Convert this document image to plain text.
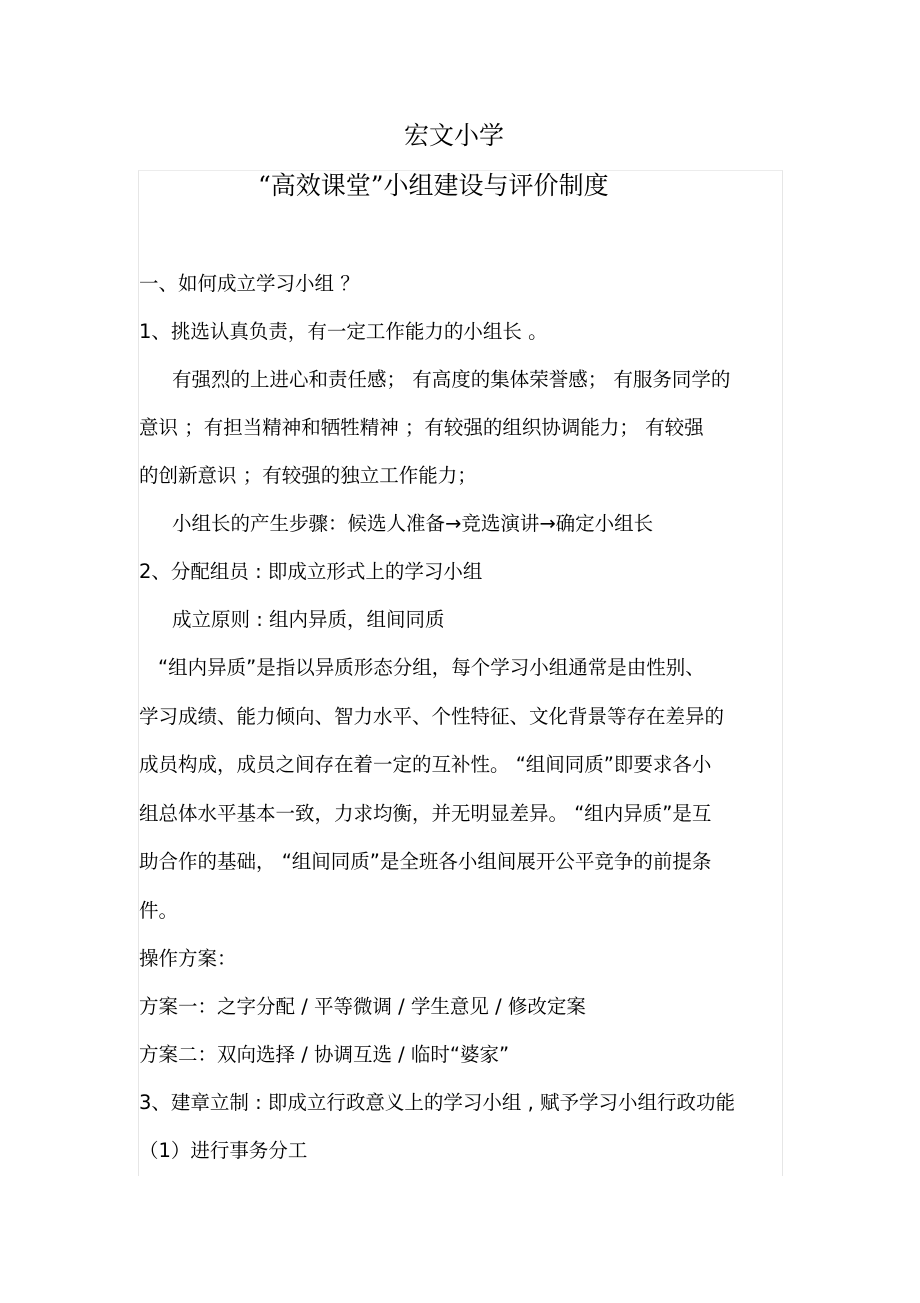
宏文小学
“高效课堂”小组建设与评价制度
一、如何成立学习小组 ？
1、挑选认真负责，有一定工作能力的小组长 。
有强烈的上进心和责任感； 有高度的集体荣誉感； 有服务同学的
意识 ；有担当精神和牺牲精神 ；有较强的组织协调能力； 有较强
的创新意识 ；有较强的独立工作能力；
小组长的产生步骤：候选人准备→竞选演讲→确定小组长
2、分配组员 : 即成立形式上的学习小组
成立原则 : 组内异质，组间同质
“组内异质”是指以异质形态分组，每个学习小组通常是由性别、
学习成绩、能力倾向、智力水平、个性特征、文化背景等存在差异的
成员构成，成员之间存在着一定的互补性。 “组间同质”即要求各小
组总体水平基本一致，力求均衡，并无明显差异。 “组内异质”是互
助合作的基础， “组间同质”是全班各小组间展开公平竞争的前提条
件。
操作方案：
方案一：之字分配 / 平等微调 / 学生意见 / 修改定案
方案二：双向选择 / 协调互选 / 临时“婆家”
3、建章立制 : 即成立行政意义上的学习小组 , 赋予学习小组行政功能
（1）进行事务分工
